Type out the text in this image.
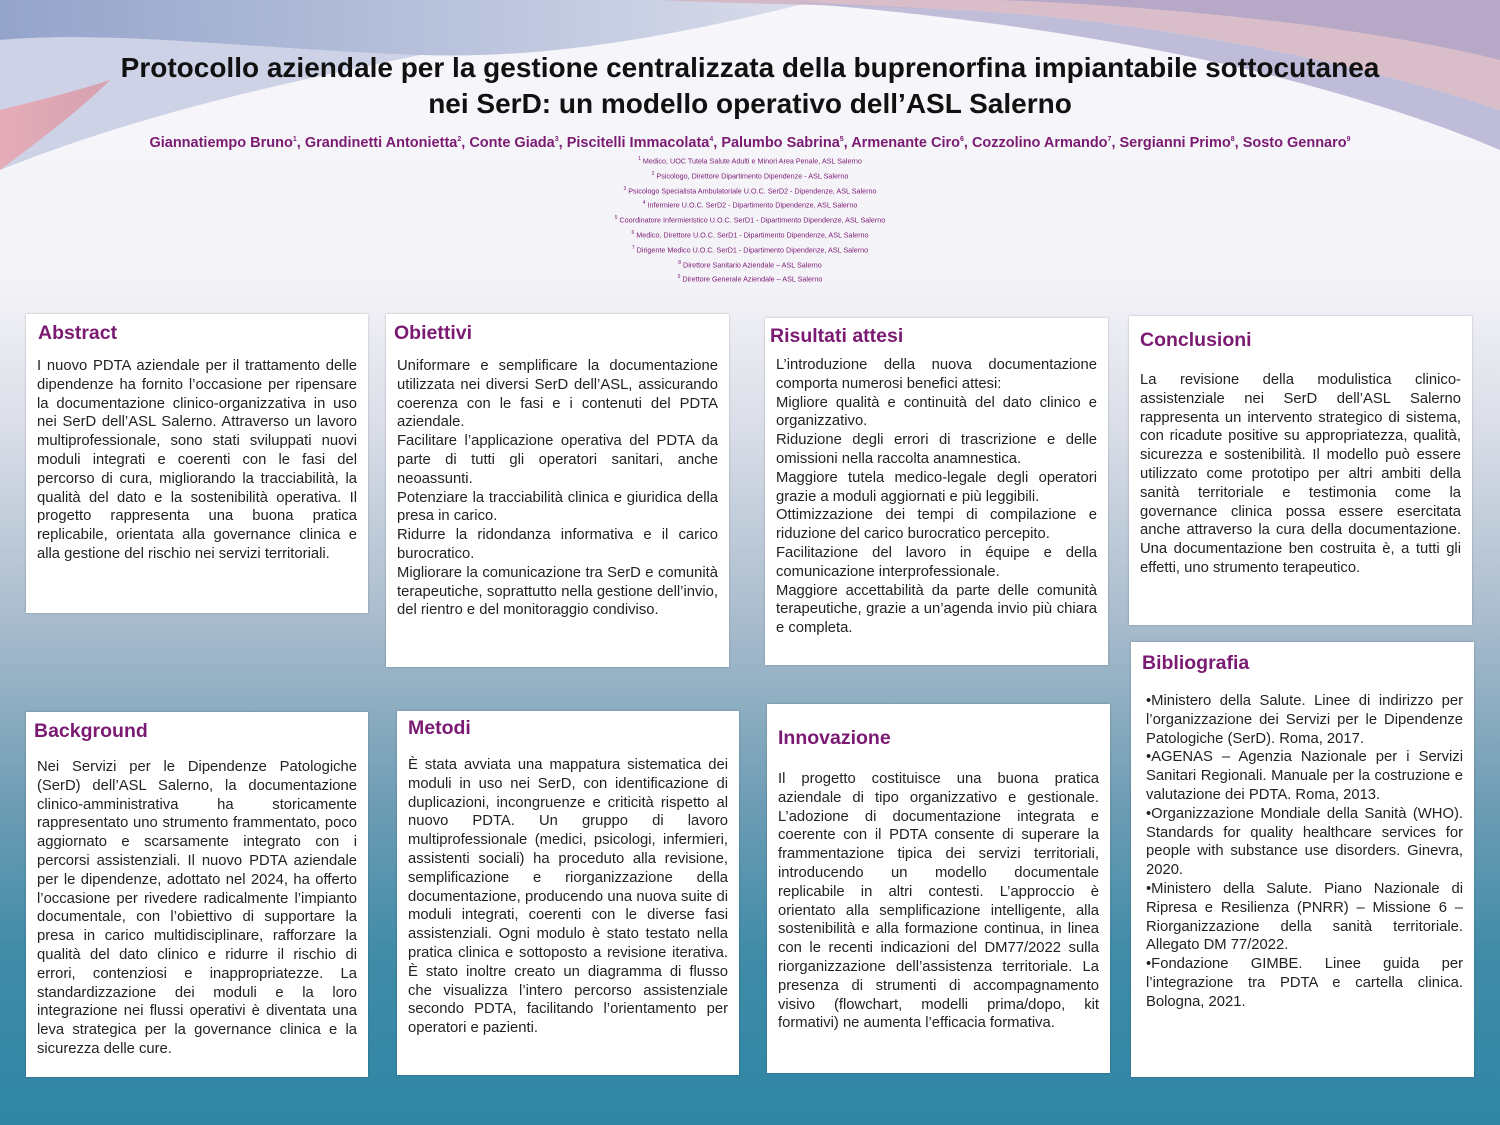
Protocollo aziendale per la gestione centralizzata della buprenorfina impiantabile sottocutanea
nei SerD: un modello operativo dell’ASL Salerno
Giannatiempo Bruno$^1$, Grandinetti Antonietta$^2$, Conte Giada$^3$, Piscitelli Immacolata$^4$, Palumbo Sabrina$^5$, Armenante Ciro$^6$, Cozzolino Armando$^7$, Sergianni Primo$^8$, Sosto Gennaro$^9$
$^1$ Medico, UOC Tutela Salute Adulti e Minori Area Penale, ASL Salerno
$^2$ Psicologo, Direttore Dipartimento Dipendenze - ASL Salerno
$^3$ Psicologo Specialista Ambulatoriale U.O.C. SerD2 - Dipendenze, ASL Salerno
$^4$ Infermiere U.O.C. SerD2 - Dipartimento Dipendenze, ASL Salerno
$^5$ Coordinatore Infermieristico U.O.C. SerD1 - Dipartimento Dipendenze, ASL Salerno
$^6$ Medico, Direttore U.O.C. SerD1 - Dipartimento Dipendenze, ASL Salerno
$^7$ Dirigente Medico U.O.C. SerD1 - Dipartimento Dipendenze, ASL Salerno
$^8$ Direttore Sanitario Aziendale – ASL Salerno
$^9$ Direttore Generale Aziendale – ASL Salerno
Abstract

I nuovo PDTA aziendale per il trattamento delle dipendenze ha fornito l’occasione per ripensare la documentazione clinico-organizzativa in uso nei SerD dell’ASL Salerno. Attraverso un lavoro multiprofessionale, sono stati sviluppati nuovi moduli integrati e coerenti con le fasi del percorso di cura, migliorando la tracciabilità, la qualità del dato e la sostenibilità operativa. Il progetto rappresenta una buona pratica replicabile, orientata alla governance clinica e alla gestione del rischio nei servizi territoriali.

Obiettivi

Uniformare e semplificare la documentazione utilizzata nei diversi SerD dell’ASL, assicurando coerenza con le fasi e i contenuti del PDTA aziendale.

Facilitare l’applicazione operativa del PDTA da parte di tutti gli operatori sanitari, anche neoassunti.

Potenziare la tracciabilità clinica e giuridica della presa in carico.

Ridurre la ridondanza informativa e il carico burocratico.

Migliorare la comunicazione tra SerD e comunità terapeutiche, soprattutto nella gestione dell’invio, del rientro e del monitoraggio condiviso.

Risultati attesi

L’introduzione della nuova documentazione comporta numerosi benefici attesi:

Migliore qualità e continuità del dato clinico e organizzativo.

Riduzione degli errori di trascrizione e delle omissioni nella raccolta anamnestica.

Maggiore tutela medico-legale degli operatori grazie a moduli aggiornati e più leggibili.

Ottimizzazione dei tempi di compilazione e riduzione del carico burocratico percepito.

Facilitazione del lavoro in équipe e della comunicazione interprofessionale.

Maggiore accettabilità da parte delle comunità terapeutiche, grazie a un’agenda invio più chiara e completa.

Conclusioni

La revisione della modulistica clinico-assistenziale nei SerD dell’ASL Salerno rappresenta un intervento strategico di sistema, con ricadute positive su appropriatezza, qualità, sicurezza e sostenibilità. Il modello può essere utilizzato come prototipo per altri ambiti della sanità territoriale e testimonia come la governance clinica possa essere esercitata anche attraverso la cura della documentazione. Una documentazione ben costruita è, a tutti gli effetti, uno strumento terapeutico.

Background

Nei Servizi per le Dipendenze Patologiche (SerD) dell’ASL Salerno, la documentazione clinico-amministrativa ha storicamente rappresentato uno strumento frammentato, poco aggiornato e scarsamente integrato con i percorsi assistenziali. Il nuovo PDTA aziendale per le dipendenze, adottato nel 2024, ha offerto l’occasione per rivedere radicalmente l’impianto documentale, con l’obiettivo di supportare la presa in carico multidisciplinare, rafforzare la qualità del dato clinico e ridurre il rischio di errori, contenziosi e inappropriatezze. La standardizzazione dei moduli e la loro integrazione nei flussi operativi è diventata una leva strategica per la governance clinica e la sicurezza delle cure.

Metodi

È stata avviata una mappatura sistematica dei moduli in uso nei SerD, con identificazione di duplicazioni, incongruenze e criticità rispetto al nuovo PDTA. Un gruppo di lavoro multiprofessionale (medici, psicologi, infermieri, assistenti sociali) ha proceduto alla revisione, semplificazione e riorganizzazione della documentazione, producendo una nuova suite di moduli integrati, coerenti con le diverse fasi assistenziali. Ogni modulo è stato testato nella pratica clinica e sottoposto a revisione iterativa. È stato inoltre creato un diagramma di flusso che visualizza l’intero percorso assistenziale secondo PDTA, facilitando l’orientamento per operatori e pazienti.

Innovazione

Il progetto costituisce una buona pratica aziendale di tipo organizzativo e gestionale. L’adozione di documentazione integrata e coerente con il PDTA consente di superare la frammentazione tipica dei servizi territoriali, introducendo un modello documentale replicabile in altri contesti. L’approccio è orientato alla semplificazione intelligente, alla sostenibilità e alla formazione continua, in linea con le recenti indicazioni del DM77/2022 sulla riorganizzazione dell’assistenza territoriale. La presenza di strumenti di accompagnamento visivo (flowchart, modelli prima/dopo, kit formativi) ne aumenta l’efficacia formativa.

Bibliografia

•Ministero della Salute. Linee di indirizzo per l’organizzazione dei Servizi per le Dipendenze Patologiche (SerD). Roma, 2017.

•AGENAS – Agenzia Nazionale per i Servizi Sanitari Regionali. Manuale per la costruzione e valutazione dei PDTA. Roma, 2013.

•Organizzazione Mondiale della Sanità (WHO). Standards for quality healthcare services for people with substance use disorders. Ginevra, 2020.

•Ministero della Salute. Piano Nazionale di Ripresa e Resilienza (PNRR) – Missione 6 – Riorganizzazione della sanità territoriale. Allegato DM 77/2022.

•Fondazione GIMBE. Linee guida per l’integrazione tra PDTA e cartella clinica. Bologna, 2021.
